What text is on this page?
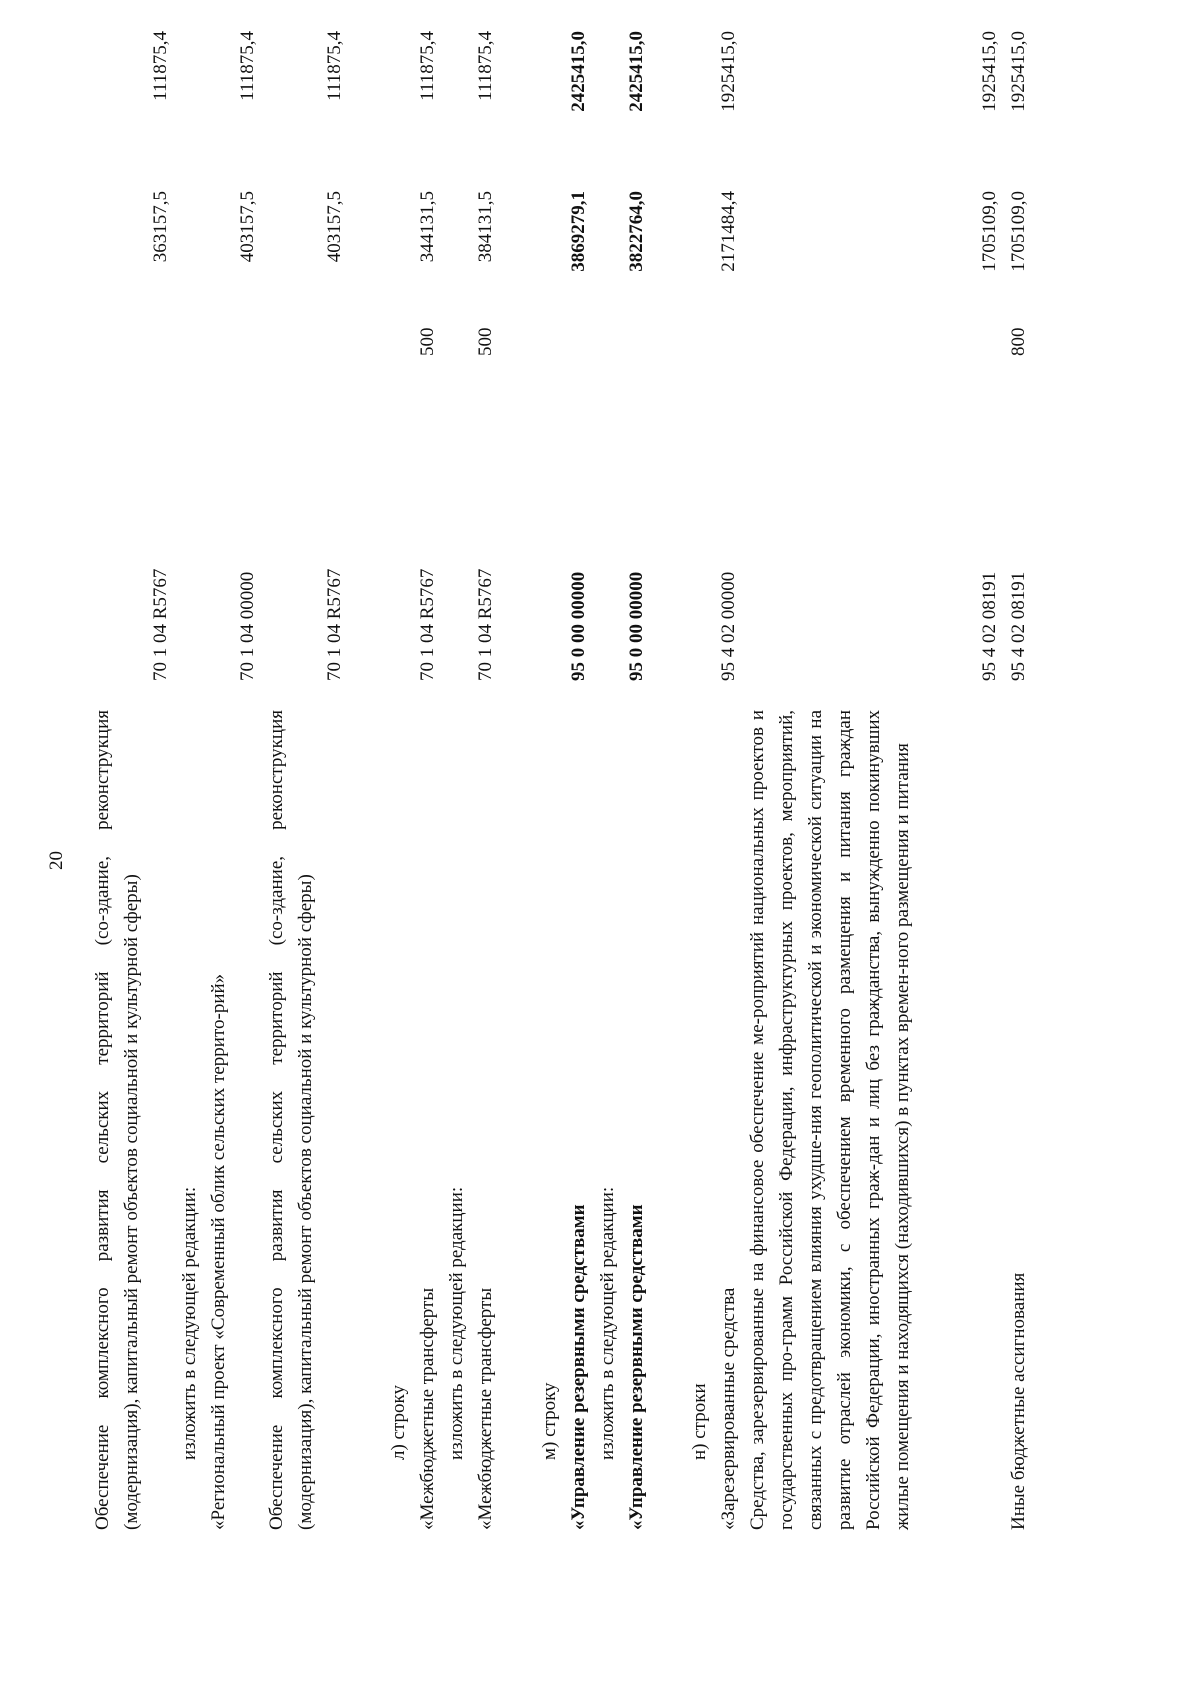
20 Обеспечение комплексного развития сельских территорий (со-здание, реконструкция (модернизация), капитальный ремонт объектов социальной и культурной сферы)
70 1 04 R5767
363157,5
111875,4
изложить в следующей редакции: «Региональный проект «Современный облик сельских террито-рий»
70 1 04 00000
403157,5
111875,4
Обеспечение комплексного развития сельских территорий (со-здание, реконструкция (модернизация), капитальный ремонт объектов социальной и культурной сферы)
70 1 04 R5767
403157,5
111875,4
л) строку «Межбюджетные трансферты
70 1 04 R5767
500
344131,5
111875,4
изложить в следующей редакции: «Межбюджетные трансферты
70 1 04 R5767
500
384131,5
111875,4
м) строку «Управление резервными средствами
95 0 00 00000
3869279,1
2425415,0
изложить в следующей редакции: «Управление резервными средствами
95 0 00 00000
3822764,0
2425415,0
н) строки «Зарезервированные средства
95 4 02 00000
2171484,4
1925415,0
Средства, зарезервированные на финансовое обеспечение ме-роприятий национальных проектов и государственных про-грамм Российской Федерации, инфраструктурных проектов, мероприятий, связанных с предотвращением влияния ухудше-ния геополитической и экономической ситуации на развитие отраслей экономики, с обеспечением временного размещения и питания граждан Российской Федерации, иностранных граж-дан и лиц без гражданства, вынужденно покинувших жилые помещения и находящихся (находившихся) в пунктах времен-ного размещения и питания
95 4 02 08191
1705109,0
1925415,0
Иные бюджетные ассигнования
95 4 02 08191
800
1705109,0
1925415,0
